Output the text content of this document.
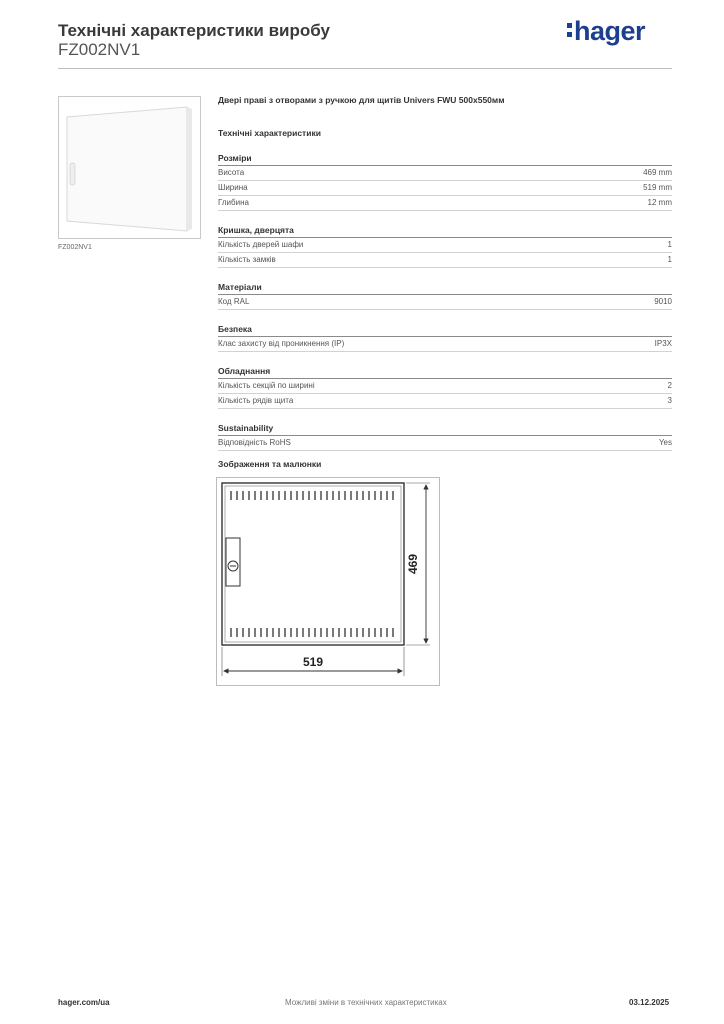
Технічні характеристики виробу
FZ002NV1
hager
FZ002NV1
Двері праві з отворами з ручкою для щитів Univers FWU 500x550мм
Технічні характеристики
Розміри
Висота	469 mm
Ширина	519 mm
Глибина	12 mm
Кришка, дверцята
Кількість дверей шафи	1
Кількість замків	1
Матеріали
Код RAL	9010
Безпека
Клас захисту від проникнення (IP)	IP3X
Обладнання
Кількість секцій по ширині	2
Кількість рядів щита	3
Sustainability
Відповідність RoHS	Yes
Зображення та малюнки
469
519
hager.com/ua	Можливі зміни в технічних характеристиках	03.12.2025
